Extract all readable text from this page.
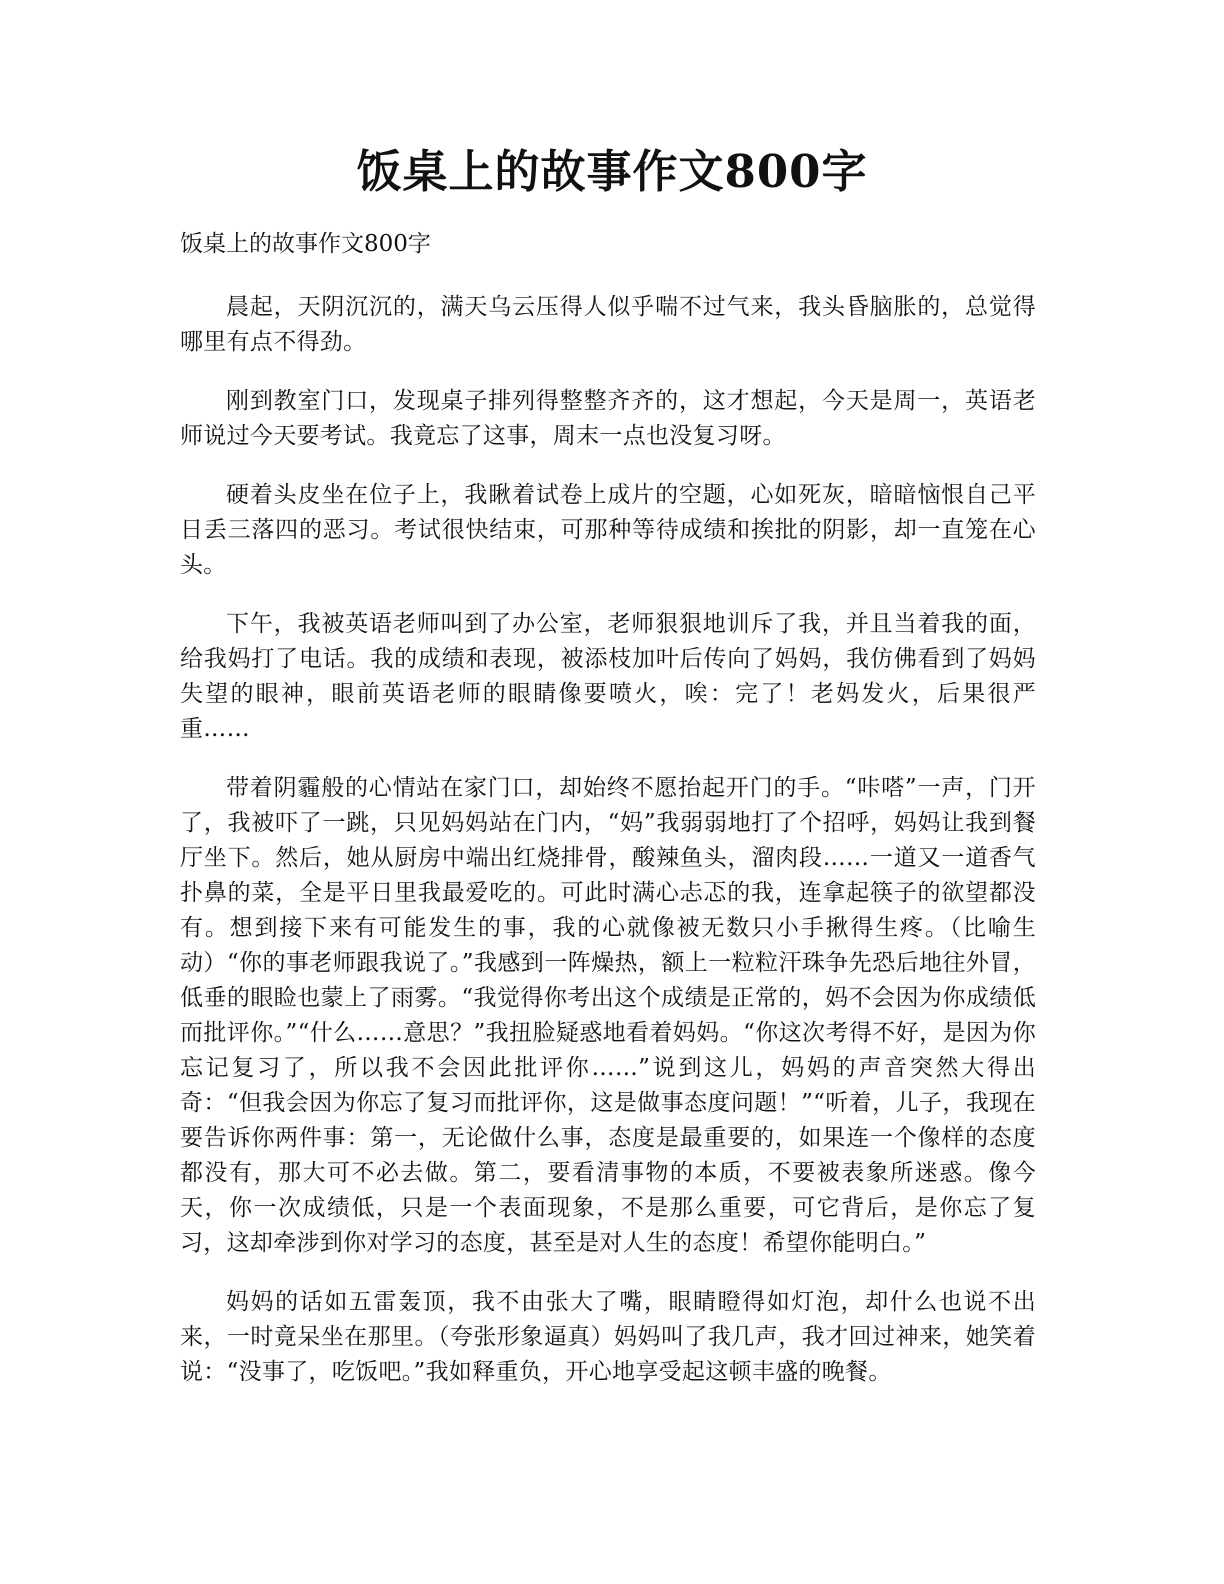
饭桌上的故事作文800字

饭桌上的故事作文800字

晨起，天阴沉沉的，满天乌云压得人似乎喘不过气来，我头昏脑胀的，总觉得哪里有点不得劲。

刚到教室门口，发现桌子排列得整整齐齐的，这才想起，今天是周一，英语老师说过今天要考试。我竟忘了这事，周末一点也没复习呀。

硬着头皮坐在位子上，我瞅着试卷上成片的空题，心如死灰，暗暗恼恨自己平日丢三落四的恶习。考试很快结束，可那种等待成绩和挨批的阴影，却一直笼在心头。

下午，我被英语老师叫到了办公室，老师狠狠地训斥了我，并且当着我的面，给我妈打了电话。我的成绩和表现，被添枝加叶后传向了妈妈，我仿佛看到了妈妈失望的眼神，眼前英语老师的眼睛像要喷火，唉：完了！老妈发火，后果很严重……

带着阴霾般的心情站在家门口，却始终不愿抬起开门的手。“咔嗒”一声，门开了，我被吓了一跳，只见妈妈站在门内，“妈”我弱弱地打了个招呼，妈妈让我到餐厅坐下。然后，她从厨房中端出红烧排骨，酸辣鱼头，溜肉段……一道又一道香气扑鼻的菜，全是平日里我最爱吃的。可此时满心忐忑的我，连拿起筷子的欲望都没有。想到接下来有可能发生的事，我的心就像被无数只小手揪得生疼。（比喻生动）“你的事老师跟我说了。”我感到一阵燥热，额上一粒粒汗珠争先恐后地往外冒，低垂的眼睑也蒙上了雨雾。“我觉得你考出这个成绩是正常的，妈不会因为你成绩低而批评你。”“什么……意思？”我扭脸疑惑地看着妈妈。“你这次考得不好，是因为你忘记复习了，所以我不会因此批评你……”说到这儿，妈妈的声音突然大得出奇：“但我会因为你忘了复习而批评你，这是做事态度问题！”“听着，儿子，我现在要告诉你两件事：第一，无论做什么事，态度是最重要的，如果连一个像样的态度都没有，那大可不必去做。第二，要看清事物的本质，不要被表象所迷惑。像今天，你一次成绩低，只是一个表面现象，不是那么重要，可它背后，是你忘了复习，这却牵涉到你对学习的态度，甚至是对人生的态度！希望你能明白。”

妈妈的话如五雷轰顶，我不由张大了嘴，眼睛瞪得如灯泡，却什么也说不出来，一时竟呆坐在那里。（夸张形象逼真）妈妈叫了我几声，我才回过神来，她笑着说：“没事了，吃饭吧。”我如释重负，开心地享受起这顿丰盛的晚餐。
